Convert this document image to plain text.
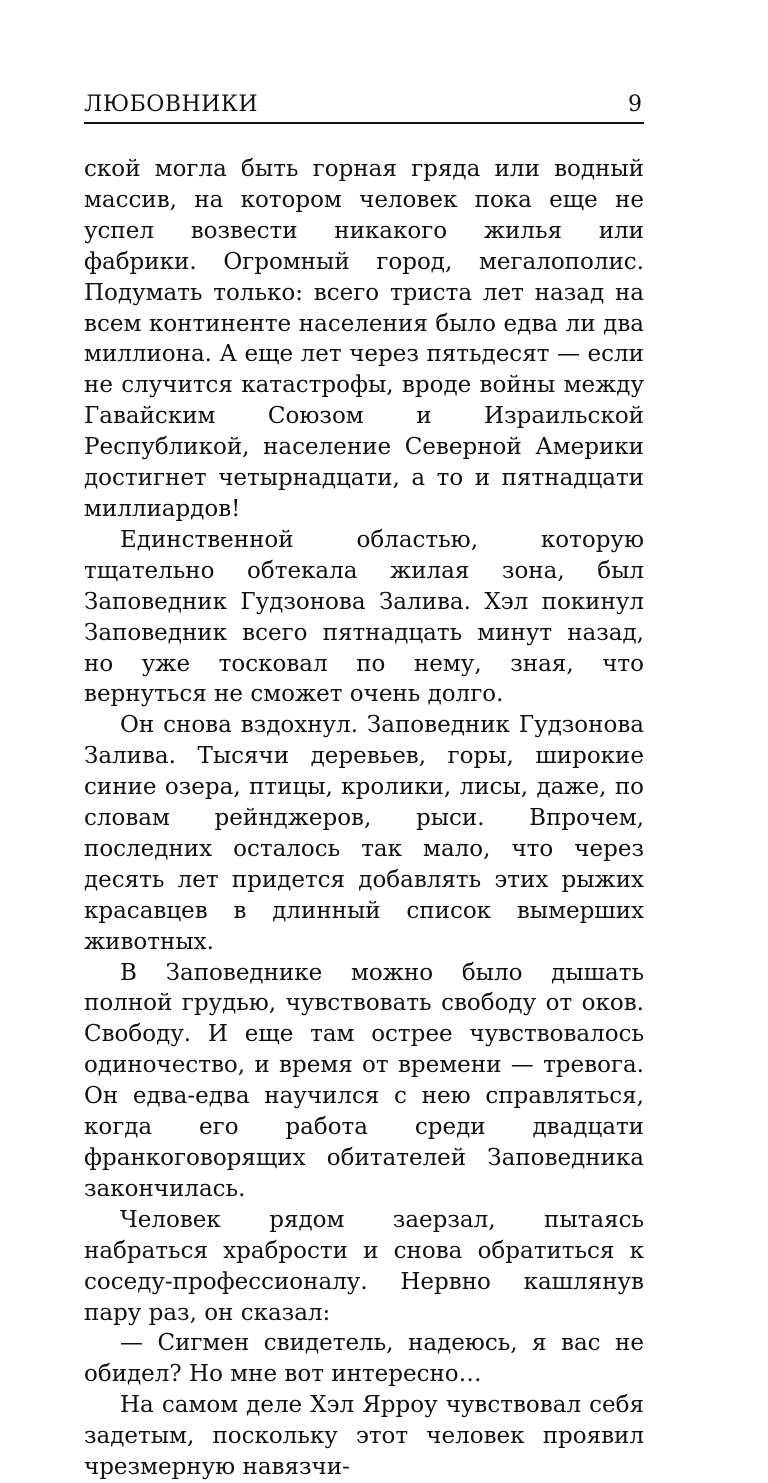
ЛЮБОВНИКИ	9

ской могла быть горная гряда или водный массив, на котором человек пока еще не успел возвести никакого жилья или фабрики. Огромный город, мегалополис. Подумать только: всего триста лет назад на всем континенте населения было едва ли два миллиона. А еще лет через пятьдесят — если не случится катастрофы, вроде войны между Гавайским Союзом и Израильской Республикой, население Северной Америки достигнет четырнадцати, а то и пятнадцати миллиардов!

Единственной областью, которую тщательно обтекала жилая зона, был Заповедник Гудзонова Залива. Хэл покинул Заповедник всего пятнадцать минут назад, но уже тосковал по нему, зная, что вернуться не сможет очень долго.

Он снова вздохнул. Заповедник Гудзонова Залива. Тысячи деревьев, горы, широкие синие озера, птицы, кролики, лисы, даже, по словам рейнджеров, рыси. Впрочем, последних осталось так мало, что через десять лет придется добавлять этих рыжих красавцев в длинный список вымерших животных.

В Заповеднике можно было дышать полной грудью, чувствовать свободу от оков. Свободу. И еще там острее чувствовалось одиночество, и время от времени — тревога. Он едва-едва научился с нею справляться, когда его работа среди двадцати франкоговорящих обитателей Заповедника закончилась.

Человек рядом заерзал, пытаясь набраться храбрости и снова обратиться к соседу-профессионалу. Нервно кашлянув пару раз, он сказал:

— Сигмен свидетель, надеюсь, я вас не обидел? Но мне вот интересно…

На самом деле Хэл Ярроу чувствовал себя задетым, поскольку этот человек проявил чрезмерную навязчи-
